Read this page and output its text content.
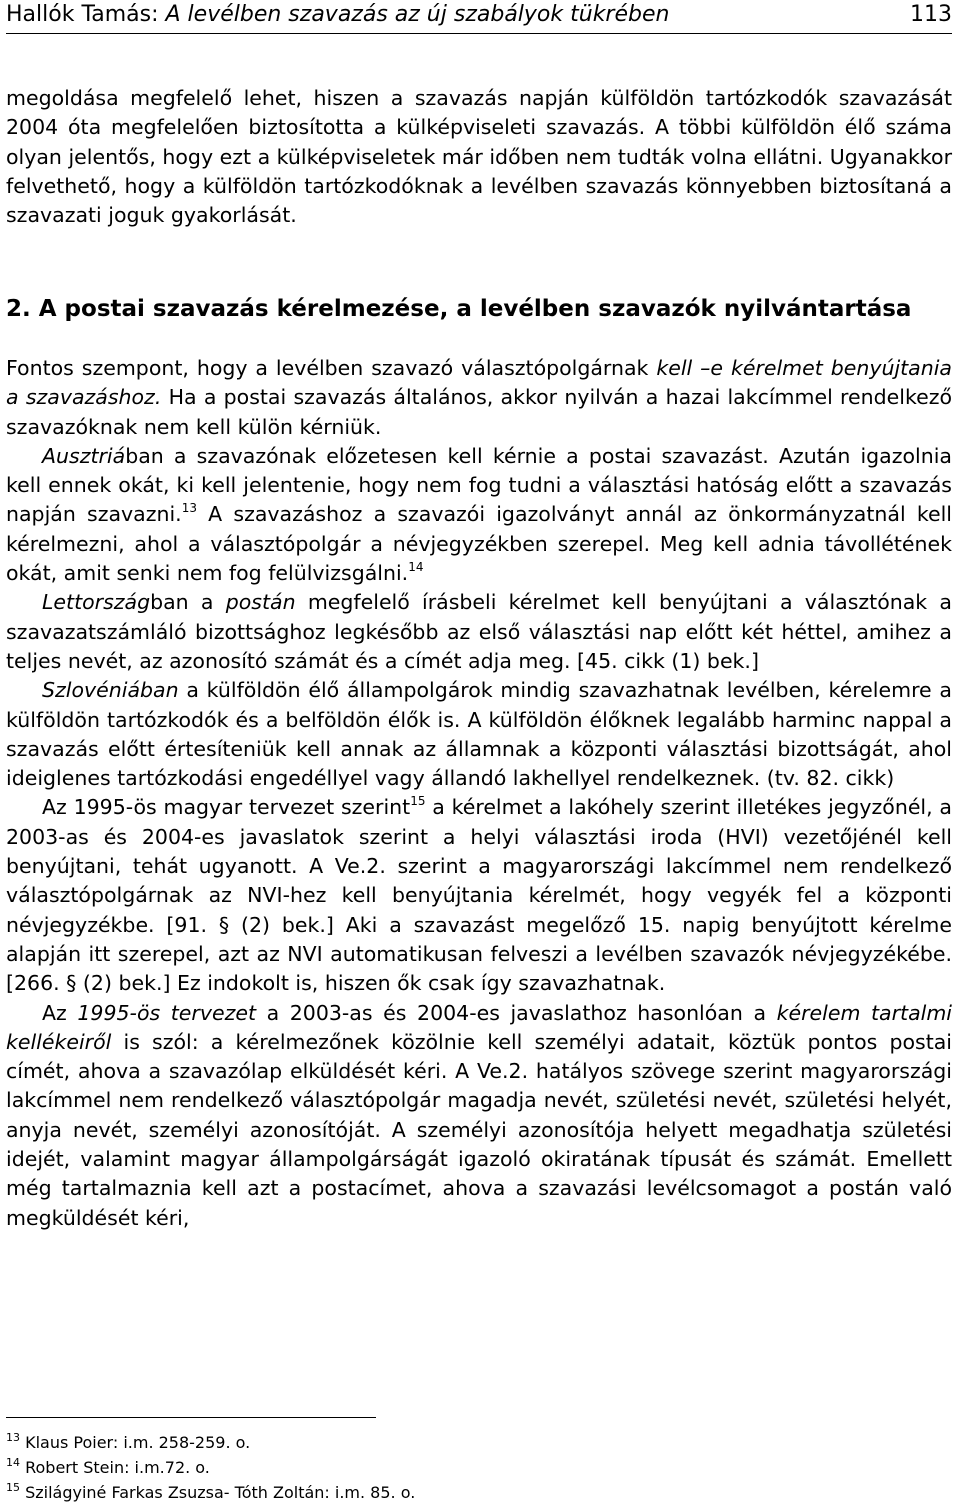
Hallók Tamás: A levélben szavazás az új szabályok tükrében	113

megoldása megfelelő lehet, hiszen a szavazás napján külföldön tartózkodók szavazását 2004 óta megfelelően biztosította a külképviseleti szavazás. A többi külföldön élő száma olyan jelentős, hogy ezt a külképviseletek már időben nem tudták volna ellátni. Ugyanakkor felvethető, hogy a külföldön tartózkodóknak a levélben szavazás könnyebben biztosítaná a szavazati joguk gyakorlását.

2. A postai szavazás kérelmezése, a levélben szavazók nyilvántartása

Fontos szempont, hogy a levélben szavazó választópolgárnak kell –e kérelmet benyújtania a szavazáshoz. Ha a postai szavazás általános, akkor nyilván a hazai lakcímmel rendelkező szavazóknak nem kell külön kérniük.

Ausztriában a szavazónak előzetesen kell kérnie a postai szavazást. Azután igazolnia kell ennek okát, ki kell jelentenie, hogy nem fog tudni a választási hatóság előtt a szavazás napján szavazni.$^{13}$ A szavazáshoz a szavazói igazolványt annál az önkormányzatnál kell kérelmezni, ahol a választópolgár a névjegyzékben szerepel. Meg kell adnia távollétének okát, amit senki nem fog felülvizsgálni.$^{14}$

Lettországban a postán megfelelő írásbeli kérelmet kell benyújtani a választónak a szavazatszámláló bizottsághoz legkésőbb az első választási nap előtt két héttel, amihez a teljes nevét, az azonosító számát és a címét adja meg. [45. cikk (1) bek.]

Szlovéniában a külföldön élő állampolgárok mindig szavazhatnak levélben, kérelemre a külföldön tartózkodók és a belföldön élők is. A külföldön élőknek legalább harminc nappal a szavazás előtt értesíteniük kell annak az államnak a központi választási bizottságát, ahol ideiglenes tartózkodási engedéllyel vagy állandó lakhellyel rendelkeznek. (tv. 82. cikk)

Az 1995-ös magyar tervezet szerint$^{15}$ a kérelmet a lakóhely szerint illetékes jegyzőnél, a 2003-as és 2004-es javaslatok szerint a helyi választási iroda (HVI) vezetőjénél kell benyújtani, tehát ugyanott. A Ve.2. szerint a magyarországi lakcímmel nem rendelkező választópolgárnak az NVI-hez kell benyújtania kérelmét, hogy vegyék fel a központi névjegyzékbe. [91. § (2) bek.] Aki a szavazást megelőző 15. napig benyújtott kérelme alapján itt szerepel, azt az NVI automatikusan felveszi a levélben szavazók névjegyzékébe. [266. § (2) bek.] Ez indokolt is, hiszen ők csak így szavazhatnak.

Az 1995-ös tervezet a 2003-as és 2004-es javaslathoz hasonlóan a kérelem tartalmi kellékeiről is szól: a kérelmezőnek közölnie kell személyi adatait, köztük pontos postai címét, ahova a szavazólap elküldését kéri. A Ve.2. hatályos szövege szerint magyarországi lakcímmel nem rendelkező választópolgár magadja nevét, születési nevét, születési helyét, anyja nevét, személyi azonosítóját. A személyi azonosítója helyett megadhatja születési idejét, valamint magyar állampolgárságát igazoló okiratának típusát és számát. Emellett még tartalmaznia kell azt a postacímet, ahova a szavazási levélcsomagot a postán való megküldését kéri,

$^{13}$ Klaus Poier: i.m. 258-259. o.

$^{14}$ Robert Stein: i.m.72. o.

$^{15}$ Szilágyiné Farkas Zsuzsa- Tóth Zoltán: i.m. 85. o.
